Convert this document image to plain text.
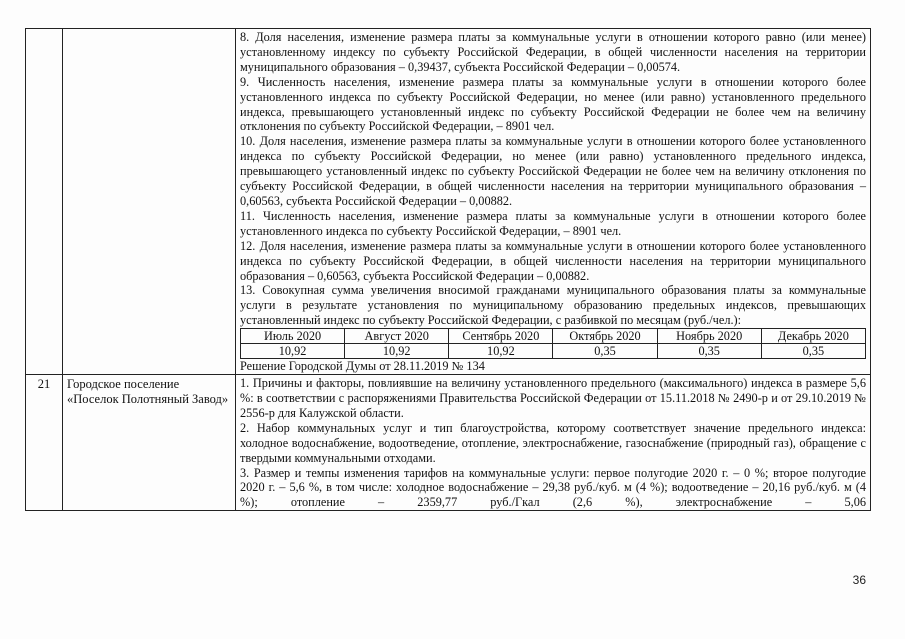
8. Доля населения, изменение размера платы за коммунальные услуги в отношении которого равно (или менее) установленному индексу по субъекту Российской Федерации, в общей численности населения на территории муниципального образования – 0,39437, субъекта Российской Федерации – 0,00574.

9. Численность населения, изменение размера платы за коммунальные услуги в отношении которого более установленного индекса по субъекту Российской Федерации, но менее (или равно) установленного предельного индекса, превышающего установленный индекс по субъекту Российской Федерации не более чем на величину отклонения по субъекту Российской Федерации, – 8901 чел.

10. Доля населения, изменение размера платы за коммунальные услуги в отношении которого более установленного индекса по субъекту Российской Федерации, но менее (или равно) установленного предельного индекса, превышающего установленный индекс по субъекту Российской Федерации не более чем на величину отклонения по субъекту Российской Федерации, в общей численности населения на территории муниципального образования – 0,60563, субъекта Российской Федерации – 0,00882.

11. Численность населения, изменение размера платы за коммунальные услуги в отношении которого более установленного индекса по субъекту Российской Федерации, – 8901 чел.

12. Доля населения, изменение размера платы за коммунальные услуги в отношении которого более установленного индекса по субъекту Российской Федерации, в общей численности населения на территории муниципального образования – 0,60563, субъекта Российской Федерации – 0,00882.

13. Совокупная сумма увеличения вносимой гражданами муниципального образования платы за коммунальные услуги в результате установления по муниципальному образованию предельных индексов, превышающих установленный индекс по субъекту Российской Федерации, с разбивкой по месяцам (руб./чел.):

Июль 2020	Август 2020	Сентябрь 2020	Октябрь 2020	Ноябрь 2020	Декабрь 2020
10,92	10,92	10,92	0,35	0,35	0,35

Решение Городской Думы от 28.11.2019 № 134

21	Городское поселение «Поселок Полотняный Завод»	

1. Причины и факторы, повлиявшие на величину установленного предельного (максимального) индекса в размере 5,6 %: в соответствии с распоряжениями Правительства Российской Федерации от 15.11.2018 № 2490-р и от 29.10.2019 № 2556-р для Калужской области.

2. Набор коммунальных услуг и тип благоустройства, которому соответствует значение предельного индекса: холодное водоснабжение, водоотведение, отопление, электроснабжение, газоснабжение (природный газ), обращение с твердыми коммунальными отходами.

3. Размер и темпы изменения тарифов на коммунальные услуги: первое полугодие 2020 г. – 0 %; второе полугодие 2020 г. – 5,6 %, в том числе: холодное водоснабжение – 29,38 руб./куб. м (4 %); водоотведение – 20,16 руб./куб. м (4 %); отопление – 2359,77 руб./Гкал (2,6 %), электроснабжение – 5,06

36
